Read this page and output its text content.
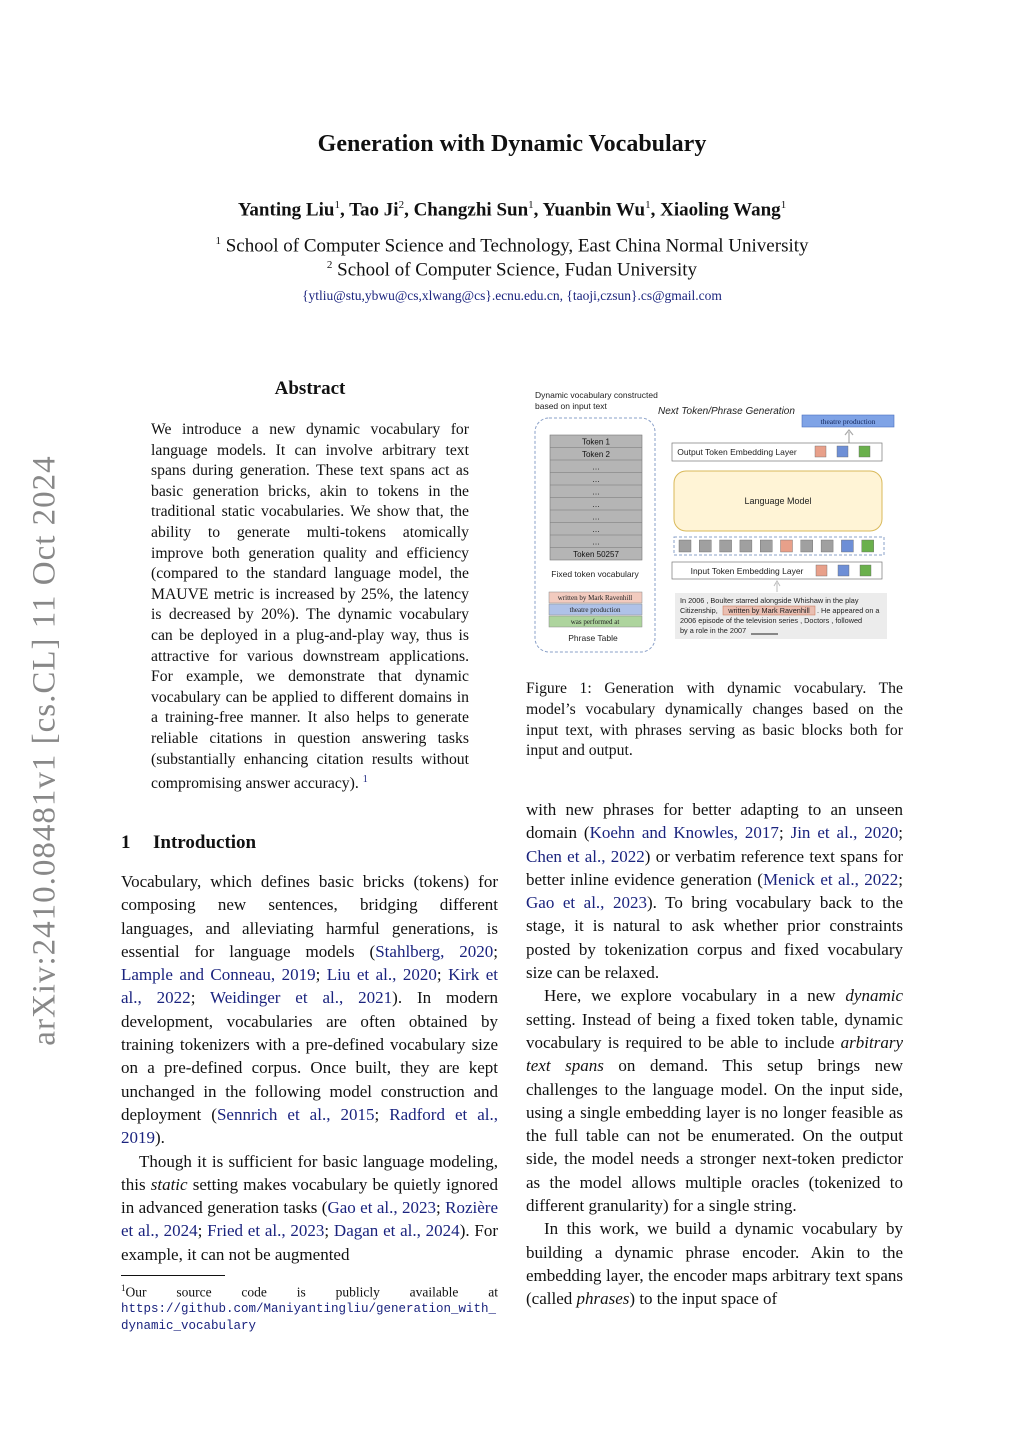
Generation with Dynamic Vocabulary
Yanting Liu$^1$, Tao Ji$^2$, Changzhi Sun$^1$, Yuanbin Wu$^1$, Xiaoling Wang$^1$
$^1$ School of Computer Science and Technology, East China Normal University
$^2$ School of Computer Science, Fudan University
{ytliu@stu,ybwu@cs,xlwang@cs}.ecnu.edu.cn, {taoji,czsun}.cs@gmail.com
arXiv:2410.08481v1 [cs.CL] 11 Oct 2024
Abstract
We introduce a new dynamic vocabulary for language models. It can involve arbitrary text spans during generation. These text spans act as basic generation bricks, akin to tokens in the traditional static vocabularies. We show that, the ability to generate multi-tokens atomically improve both generation quality and efficiency (compared to the standard language model, the MAUVE metric is increased by 25%, the latency is decreased by 20%). The dynamic vocabulary can be deployed in a plug-and-play way, thus is attractive for various downstream applications. For example, we demonstrate that dynamic vocabulary can be applied to different domains in a training-free manner. It also helps to generate reliable citations in question answering tasks (substantially enhancing citation results without compromising answer accuracy). $^1$
1 Introduction

Vocabulary, which defines basic bricks (tokens) for composing new sentences, bridging different languages, and alleviating harmful generations, is essential for language models (Stahlberg, 2020; Lample and Conneau, 2019; Liu et al., 2020; Kirk et al., 2022; Weidinger et al., 2021). In modern development, vocabularies are often obtained by training tokenizers with a pre-defined vocabulary size on a pre-defined corpus. Once built, they are kept unchanged in the following model construction and deployment (Sennrich et al., 2015; Radford et al., 2019).

Though it is sufficient for basic language modeling, this static setting makes vocabulary be quietly ignored in advanced generation tasks (Gao et al., 2023; Rozière et al., 2024; Fried et al., 2023; Dagan et al., 2024). For example, it can not be augmented

$^1$Our source code is publicly available at
https://github.com/Maniyantingliu/generation_with_dynamic_vocabulary
Dynamic vocabulary constructed
based on input text
Token 1
Token 2
…
…
…
…
…
…
…
Token 50257
Fixed token vocabulary
written by Mark Ravenhill
theatre production
was performed at
Phrase Table
Next Token/Phrase Generation
theatre production
Output Token Embedding Layer
Language Model
Input Token Embedding Layer
In 2006 , Boulter starred alongside Whishaw in the play
Citizenship, written by Mark Ravenhill . He appeared on a
2006 episode of the television series , Doctors , followed
by a role in the 2007
Figure 1: Generation with dynamic vocabulary. The model’s vocabulary dynamically changes based on the input text, with phrases serving as basic blocks both for input and output.

with new phrases for better adapting to an unseen domain (Koehn and Knowles, 2017; Jin et al., 2020; Chen et al., 2022) or verbatim reference text spans for better inline evidence generation (Menick et al., 2022; Gao et al., 2023). To bring vocabulary back to the stage, it is natural to ask whether prior constraints posted by tokenization corpus and fixed vocabulary size can be relaxed.

Here, we explore vocabulary in a new dynamic setting. Instead of being a fixed token table, dynamic vocabulary is required to be able to include arbitrary text spans on demand. This setup brings new challenges to the language model. On the input side, using a single embedding layer is no longer feasible as the full table can not be enumerated. On the output side, the model needs a stronger next-token predictor as the model allows multiple oracles (tokenized to different granularity) for a single string.

In this work, we build a dynamic vocabulary by building a dynamic phrase encoder. Akin to the embedding layer, the encoder maps arbitrary text spans (called phrases) to the input space of
